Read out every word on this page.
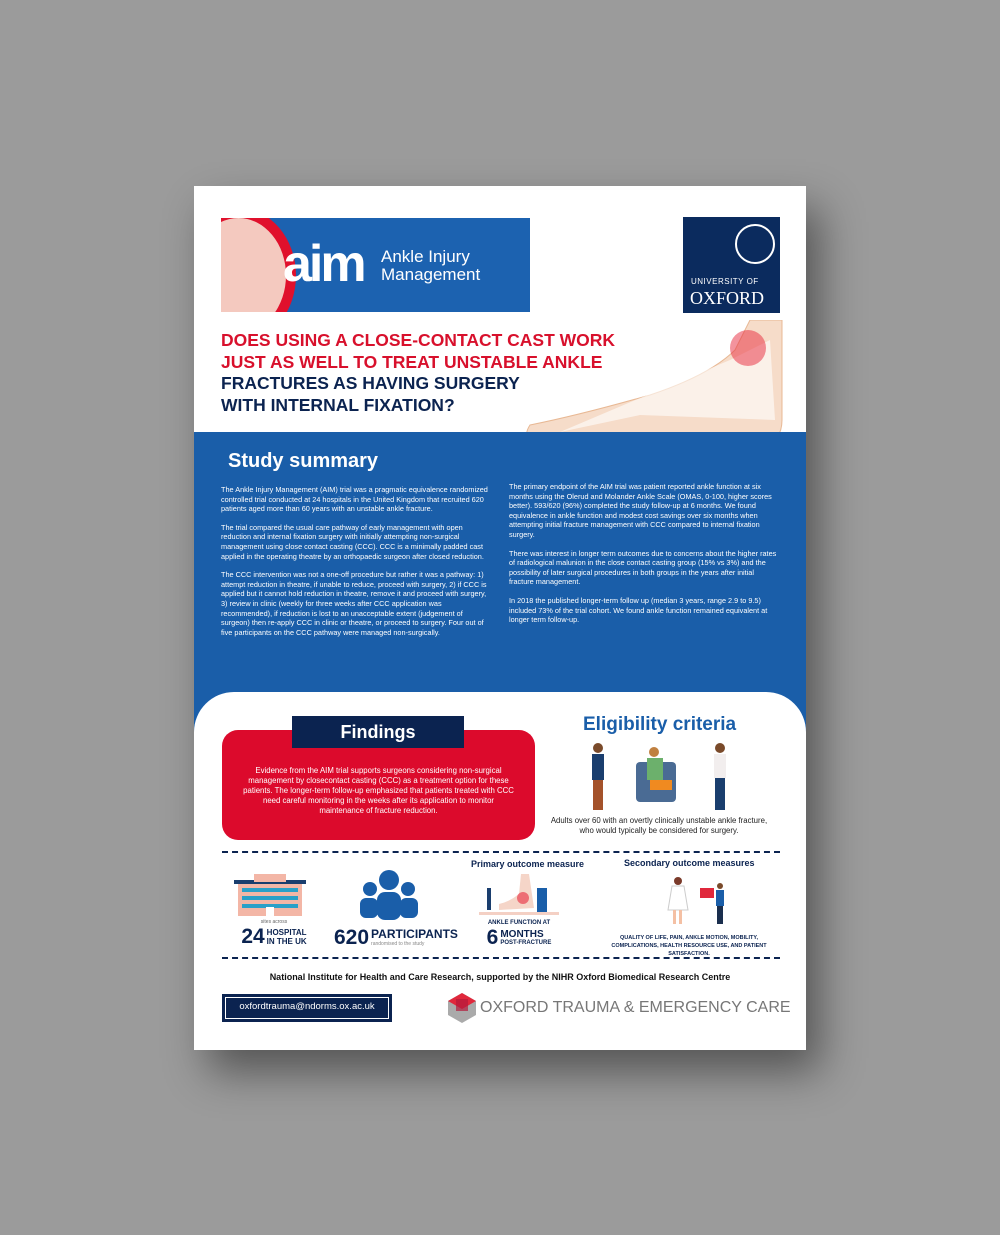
aim Ankle Injury Management	UNIVERSITY OF
OXFORD
DOES USING A CLOSE-CONTACT CAST WORK
JUST AS WELL TO TREAT UNSTABLE ANKLE
FRACTURES AS HAVING SURGERY
WITH INTERNAL FIXATION?
Study summary

The Ankle Injury Management (AIM) trial was a pragmatic equivalence randomized controlled trial conducted at 24 hospitals in the United Kingdom that recruited 620 patients aged more than 60 years with an unstable ankle fracture.

The trial compared the usual care pathway of early management with open reduction and internal fixation surgery with initially attempting non-surgical management using close contact casting (CCC). CCC is a minimally padded cast applied in the operating theatre by an orthopaedic surgeon after closed reduction.

The CCC intervention was not a one-off procedure but rather it was a pathway: 1) attempt reduction in theatre, if unable to reduce, proceed with surgery, 2) if CCC is applied but it cannot hold reduction in theatre, remove it and proceed with surgery, 3) review in clinic (weekly for three weeks after CCC application was recommended), if reduction is lost to an unacceptable extent (judgement of surgeon) then re-apply CCC in clinic or theatre, or proceed to surgery. Four out of five participants on the CCC pathway were managed non-surgically.

The primary endpoint of the AIM trial was patient reported ankle function at six months using the Olerud and Molander Ankle Scale (OMAS, 0-100, higher scores better). 593/620 (96%) completed the study follow-up at 6 months. We found equivalence in ankle function and modest cost savings over six months when attempting initial fracture management with CCC compared to internal fixation surgery.

There was interest in longer term outcomes due to concerns about the higher rates of radiological malunion in the close contact casting group (15% vs 3%) and the possibility of later surgical procedures in both groups in the years after initial fracture management.

In 2018 the published longer-term follow up (median 3 years, range 2.9 to 9.5) included 73% of the trial cohort. We found ankle function remained equivalent at longer term follow-up.

Evidence from the AIM trial supports surgeons considering non-surgical management by closecontact casting (CCC) as a treatment option for these patients. The longer-term follow-up emphasized that patients treated with CCC need careful monitoring in the weeks after its application to monitor maintenance of fracture reduction.
Findings	Eligibility criteria
Adults over 60 with an overtly clinically unstable ankle fracture, who would typically be considered for surgery.
sites across
24 HOSPITAL
IN THE UK 620 PARTICIPANTS
randomised to the study
Primary outcome measure
ANKLE FUNCTION AT
6 MONTHS
POST-FRACTURE
Secondary outcome measures
QUALITY OF LIFE, PAIN, ANKLE MOTION, MOBILITY, COMPLICATIONS, HEALTH RESOURCE USE, AND PATIENT SATISFACTION.
National Institute for Health and Care Research, supported by the NIHR Oxford Biomedical Research Centre
oxfordtrauma@ndorms.ox.ac.uk	OXFORD TRAUMA & EMERGENCY CARE
